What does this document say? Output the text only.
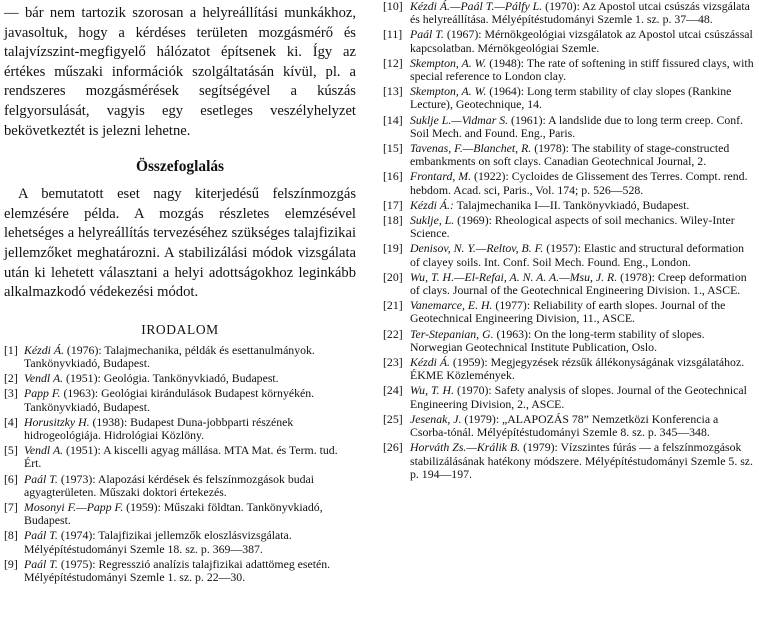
— bár nem tartozik szorosan a helyreállítási munkákhoz, javasoltuk, hogy a kérdéses területen mozgásmérő és talajvízszint-megfigyelő hálózatot építsenek ki. Így az értékes műszaki információk szolgáltatásán kívül, pl. a rendszeres mozgásmérések segítségével a kúszás felgyorsulását, vagyis egy esetleges veszélyhelyzet bekövetkeztét is jelezni lehetne.

Összefoglalás

A bemutatott eset nagy kiterjedésű felszínmozgás elemzésére példa. A mozgás részletes elemzésével lehetséges a helyreállítás tervezéséhez szükséges talajfizikai jellemzőket meghatározni. A stabilizálási módok vizsgálata után ki lehetett választani a helyi adottságokhoz leginkább alkalmazkodó védekezési módot.

IRODALOM
[1] Kézdi Á. (1976): Talajmechanika, példák és esettanulmányok. Tankönyvkiadó, Budapest.
[2] Vendl A. (1951): Geológia. Tankönyvkiadó, Budapest.
[3] Papp F. (1963): Geológiai kirándulások Budapest környékén. Tankönyvkiadó, Budapest.
[4] Horusitzky H. (1938): Budapest Duna-jobbparti részének hidrogeológiája. Hidrológiai Közlöny.
[5] Vendl A. (1951): A kiscelli agyag mállása. MTA Mat. és Term. tud. Ért.
[6] Paál T. (1973): Alapozási kérdések és felszínmozgások budai agyagterületen. Műszaki doktori értekezés.
[7] Mosonyi F.—Papp F. (1959): Műszaki földtan. Tankönyvkiadó, Budapest.
[8] Paál T. (1974): Talajfizikai jellemzők eloszlásvizsgálata. Mélyépítéstudományi Szemle 18. sz. p. 369—387.
[9] Paál T. (1975): Regresszió analízis talajfizikai adattömeg esetén. Mélyépítéstudományi Szemle 1. sz. p. 22—30.
[10] Kézdi Á.—Paál T.—Pálfy L. (1970): Az Apostol utcai csúszás vizsgálata és helyreállítása. Mélyépítéstudományi Szemle 1. sz. p. 37—48.
[11] Paál T. (1967): Mérnökgeológiai vizsgálatok az Apostol utcai csúszással kapcsolatban. Mérnökgeológiai Szemle.
[12] Skempton, A. W. (1948): The rate of softening in stiff fissured clays, with special reference to London clay.
[13] Skempton, A. W. (1964): Long term stability of clay slopes (Rankine Lecture), Geotechnique, 14.
[14] Suklje L.—Vidmar S. (1961): A landslide due to long term creep. Conf. Soil Mech. and Found. Eng., Paris.
[15] Tavenas, F.—Blanchet, R. (1978): The stability of stage-constructed embankments on soft clays. Canadian Geotechnical Journal, 2.
[16] Frontard, M. (1922): Cycloides de Glissement des Terres. Compt. rend. hebdom. Acad. sci, Paris., Vol. 174; p. 526—528.
[17] Kézdi Á.: Talajmechanika I—II. Tankönyvkiadó, Budapest.
[18] Suklje, L. (1969): Rheological aspects of soil mechanics. Wiley-Inter Science.
[19] Denisov, N. Y.—Reltov, B. F. (1957): Elastic and structural deformation of clayey soils. Int. Conf. Soil Mech. Found. Eng., London.
[20] Wu, T. H.—El-Refai, A. N. A. A.—Msu, J. R. (1978): Creep deformation of clays. Journal of the Geotechnical Engineering Division. 1., ASCE.
[21] Vanemarce, E. H. (1977): Reliability of earth slopes. Journal of the Geotechnical Engineering Division, 11., ASCE.
[22] Ter-Stepanian, G. (1963): On the long-term stability of slopes. Norwegian Geotechnical Institute Publication, Oslo.
[23] Kézdi Á. (1959): Megjegyzések rézsűk állékonyságának vizsgálatához. ÉKME Közlemények.
[24] Wu, T. H. (1970): Safety analysis of slopes. Journal of the Geotechnical Engineering Division, 2., ASCE.
[25] Jesenak, J. (1979): „ALAPOZÁS 78” Nemzetközi Konferencia a Csorba-tónál. Mélyépítéstudományi Szemle 8. sz. p. 345—348.
[26] Horváth Zs.—Králik B. (1979): Vízszintes fúrás — a felszínmozgások stabilizálásának hatékony módszere. Mélyépítéstudományi Szemle 5. sz. p. 194—197.
